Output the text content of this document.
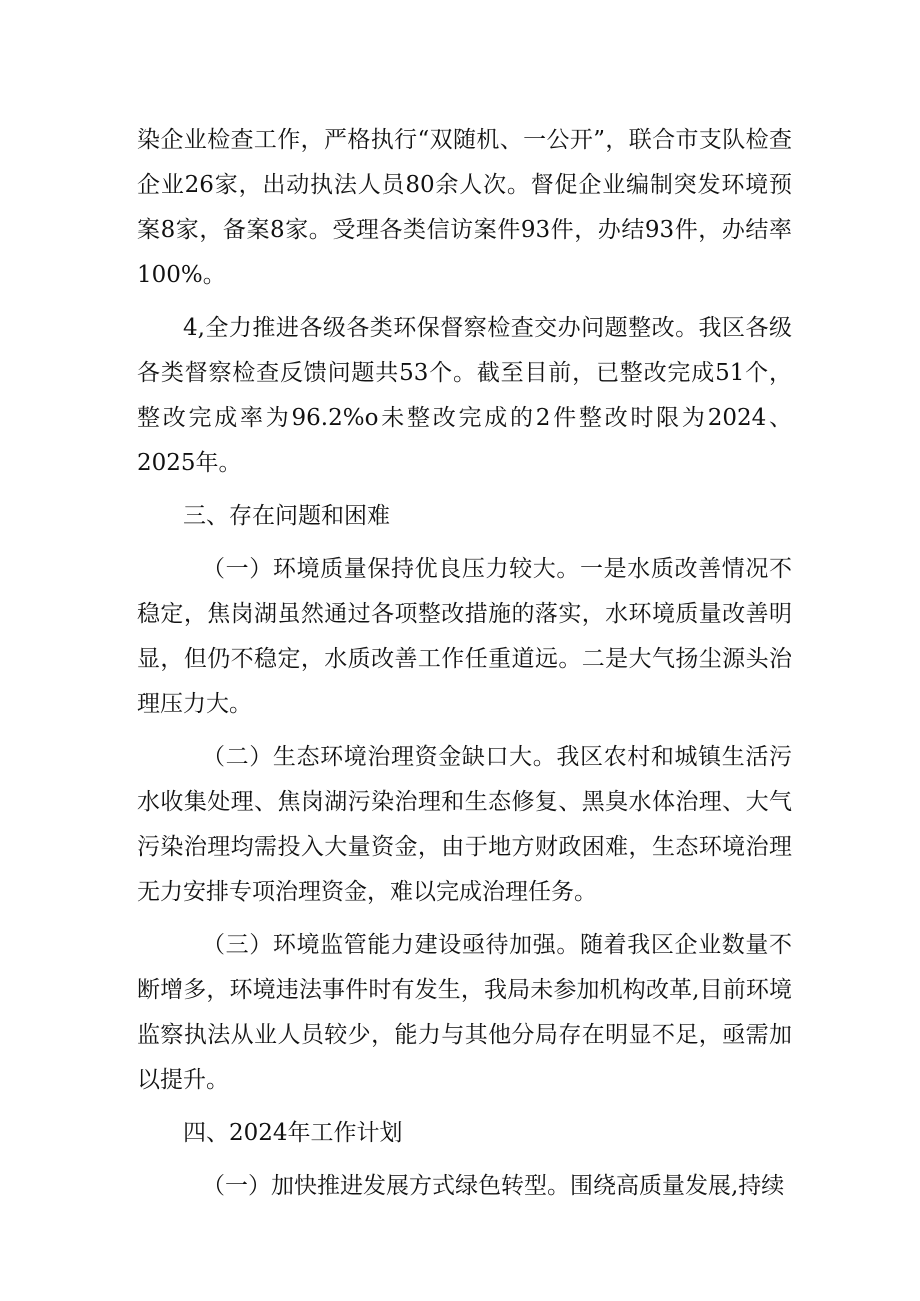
染企业检查工作，严格执行“双随机、一公开”，联合市支队检查企业26家，出动执法人员80余人次。督促企业编制突发环境预案8家，备案8家。受理各类信访案件93件，办结93件，办结率100%。

4,全力推进各级各类环保督察检查交办问题整改。我区各级各类督察检查反馈问题共53个。截至目前，已整改完成51个，整改完成率为96.2%o未整改完成的2件整改时限为2024、2025年。

三、存在问题和困难

（一）环境质量保持优良压力较大。一是水质改善情况不稳定，焦岗湖虽然通过各项整改措施的落实，水环境质量改善明显，但仍不稳定，水质改善工作任重道远。二是大气扬尘源头治理压力大。

（二）生态环境治理资金缺口大。我区农村和城镇生活污水收集处理、焦岗湖污染治理和生态修复、黑臭水体治理、大气污染治理均需投入大量资金，由于地方财政困难，生态环境治理无力安排专项治理资金，难以完成治理任务。

（三）环境监管能力建设亟待加强。随着我区企业数量不断增多，环境违法事件时有发生，我局未参加机构改革,目前环境监察执法从业人员较少，能力与其他分局存在明显不足，亟需加以提升。

四、2024年工作计划

（一）加快推进发展方式绿色转型。围绕高质量发展,持续
